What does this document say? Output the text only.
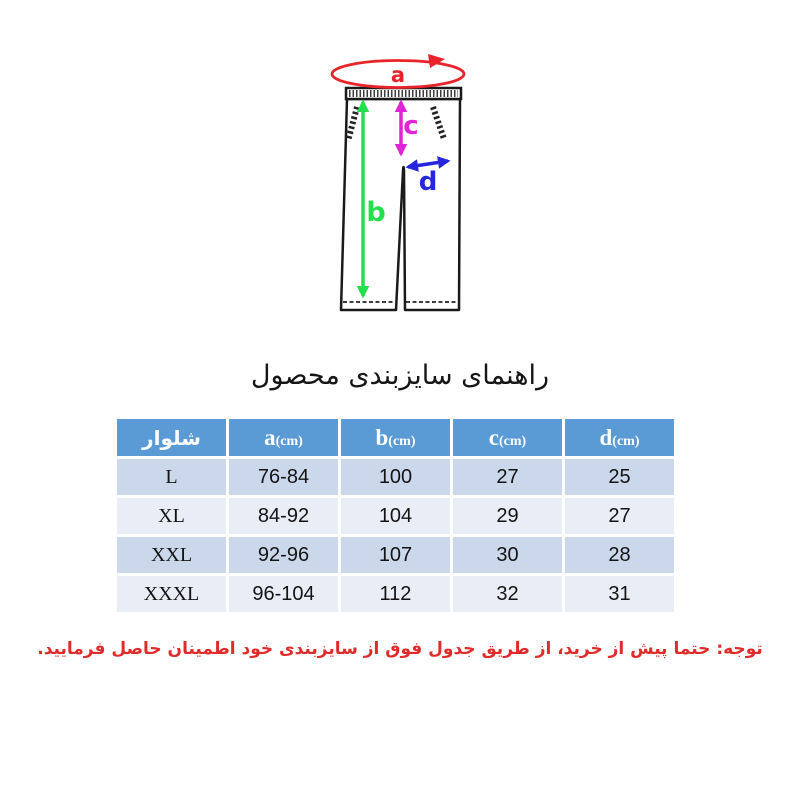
a
b
c
d
راهنمای سایزبندی محصول
شلوار	a(cm)	b(cm)	c(cm)	d(cm)
L	76-84	100	27	25
XL	84-92	104	29	27
XXL	92-96	107	30	28
XXXL	96-104	112	32	31
توجه: حتما پیش از خرید، از طریق جدول فوق از سایزبندی خود اطمینان حاصل فرمایید.
